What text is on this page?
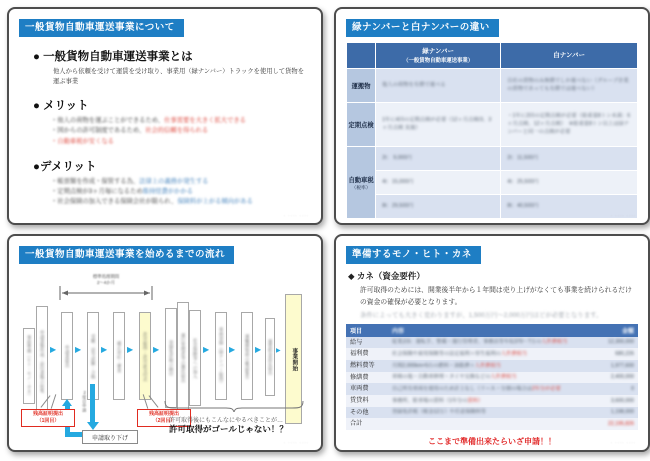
一般貨物自動車運送事業について
● 一般貨物自動車運送事業とは
他人から依頼を受けて運賃を受け取り、事業用（緑ナンバー）トラックを使用して貨物を運ぶ事業
● メリット
・他人の荷物を運ぶことができるため、仕事需要を大きく拡大できる
・国からの許可制度であるため、社会的信頼を得られる
・自動車税が安くなる
●デメリット
・帳票類を作成・保管する為、法律上の義務が発生する
・定期点検が3ヶ月毎になるため維持経費がかかる
・社会保険の加入できる保険会社が限られ、保険料が上がる傾向がある
· ···· ····
緑ナンバーと白ナンバーの違い
	緑ナンバー
（一般貨物自動車運送事業）	白ナンバー
運搬物	他人の荷物を有償で運べる	自社の貨物のみ無償でしか運べない（グループ企業の貨物であっても有償では運べない）
定期点検	1年に4回の定期点検が必要（12ヶ月点検/3、3ヶ月点検 実施）	・1年に2回の定期点検が必要（総重量8トン未満：6ヶ月点検、12ヶ月点検）　※総重量8トン以上は緑ナンバーと同一の点検が必要
自動車税
（税率）	2t： 9,000円	2t：11,500円
	4t：15,000円	4t：25,500円
	8t：29,500円	8t：40,500円
· ···· ····
一般貨物自動車運送事業を始めるまでの流れ
標準処理期間
2～4か月
事前準備（ヒト・モノ・カネ） 申請書類作成・添付書類の収集 ▶ 申請書提出 ▶
受験：法令試験・合格
▶ 補正対応・審査 ▶ 許可取得・許可証交付式 ▶ 登録免許税の納付 運行管理者等の選任届出 社会保険等への加入 ▶ 車両登録（緑ナンバー取得） ▶ 運輸開始前の確認報告 ▶ 運賃料金設定届出 ▶ 事業開始
2度目申請
残高証明提出
（1回目）
申請取り下げ
残高証明提出
（2回目）
許可取得後にもこんなにやるべきことが…
許可取得がゴールじゃない！？
· ···· ····
準備するモノ・ヒト・カネ
◆ カネ（資金要件）
許可取得のためには、開業後半年から１年間は売り上げがなくても事業を続けられるだけの資金の確保が必要となります。
条件によっても大きく変わりますが、1,500万円～2,000万円ほどが必要となります。
項目	内容	金額
給与	従業員5：運転手、整備・運行管理者、事務員等年収370～?万の人件費相当	12,300,000
福利費	社会保険や雇用保険等の法定福利＋厚生福利の人件費相当	680,226
燃料費等	月間2,000km×5台の燃料・油脂費＋人件費相当	1,977,600
修繕費	車検の他・自動車修理・タイヤ交換などの人件費相当	2,400,000
車両費	自己所有車両を使用のため計上なし（リース・分割の場合は2年分が必要	0
賃貸料	事務所、駐車場の賃料（1年分の賃料）	3,600,000
その他	登録免許税（税金12万）や任意保険料等	1,198,000
合計		22,195,826
ここまで準備出来たらいざ申請！！	· ···· ····
